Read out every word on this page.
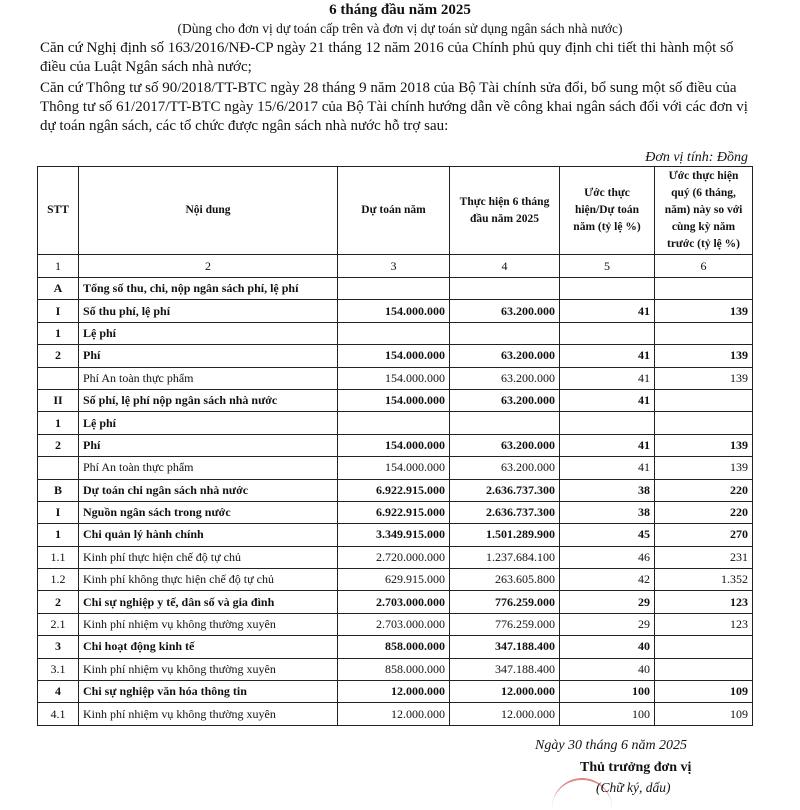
6 tháng đầu năm 2025
(Dùng cho đơn vị dự toán cấp trên và đơn vị dự toán sử dụng ngân sách nhà nước)
Căn cứ Nghị định số 163/2016/NĐ-CP ngày 21 tháng 12 năm 2016 của Chính phủ quy định chi tiết thi hành một số điều của Luật Ngân sách nhà nước;
Căn cứ Thông tư số 90/2018/TT-BTC ngày 28 tháng 9 năm 2018 của Bộ Tài chính sửa đổi, bổ sung một số điều của Thông tư số 61/2017/TT-BTC ngày 15/6/2017 của Bộ Tài chính hướng dẫn về công khai ngân sách đối với các đơn vị dự toán ngân sách, các tổ chức được ngân sách nhà nước hỗ trợ sau:
Đơn vị tính: Đồng
STT	Nội dung	Dự toán năm	Thực hiện 6 tháng đầu năm 2025	Ước thực hiện/Dự toán năm (tỷ lệ %)	Ước thực hiện quý (6 tháng, năm) này so với cùng kỳ năm trước (tỷ lệ %)
1	2	3	4	5	6
A	Tổng số thu, chi, nộp ngân sách phí, lệ phí				
I	Số thu phí, lệ phí	154.000.000	63.200.000	41	139
1	Lệ phí				
2	Phí	154.000.000	63.200.000	41	139
	Phí An toàn thực phẩm	154.000.000	63.200.000	41	139
II	Số phí, lệ phí nộp ngân sách nhà nước	154.000.000	63.200.000	41	
1	Lệ phí				
2	Phí	154.000.000	63.200.000	41	139
	Phí An toàn thực phẩm	154.000.000	63.200.000	41	139
B	Dự toán chi ngân sách nhà nước	6.922.915.000	2.636.737.300	38	220
I	Nguồn ngân sách trong nước	6.922.915.000	2.636.737.300	38	220
1	Chi quản lý hành chính	3.349.915.000	1.501.289.900	45	270
1.1	Kinh phí thực hiện chế độ tự chủ	2.720.000.000	1.237.684.100	46	231
1.2	Kinh phí không thực hiện chế độ tự chủ	629.915.000	263.605.800	42	1.352
2	Chi sự nghiệp y tế, dân số và gia đình	2.703.000.000	776.259.000	29	123
2.1	Kinh phí nhiệm vụ không thường xuyên	2.703.000.000	776.259.000	29	123
3	Chi hoạt động kinh tế	858.000.000	347.188.400	40	
3.1	Kinh phí nhiệm vụ không thường xuyên	858.000.000	347.188.400	40	
4	Chi sự nghiệp văn hóa thông tin	12.000.000	12.000.000	100	109
4.1	Kinh phí nhiệm vụ không thường xuyên	12.000.000	12.000.000	100	109
Ngày 30 tháng 6 năm 2025
Thủ trưởng đơn vị
(Chữ ký, dấu)
